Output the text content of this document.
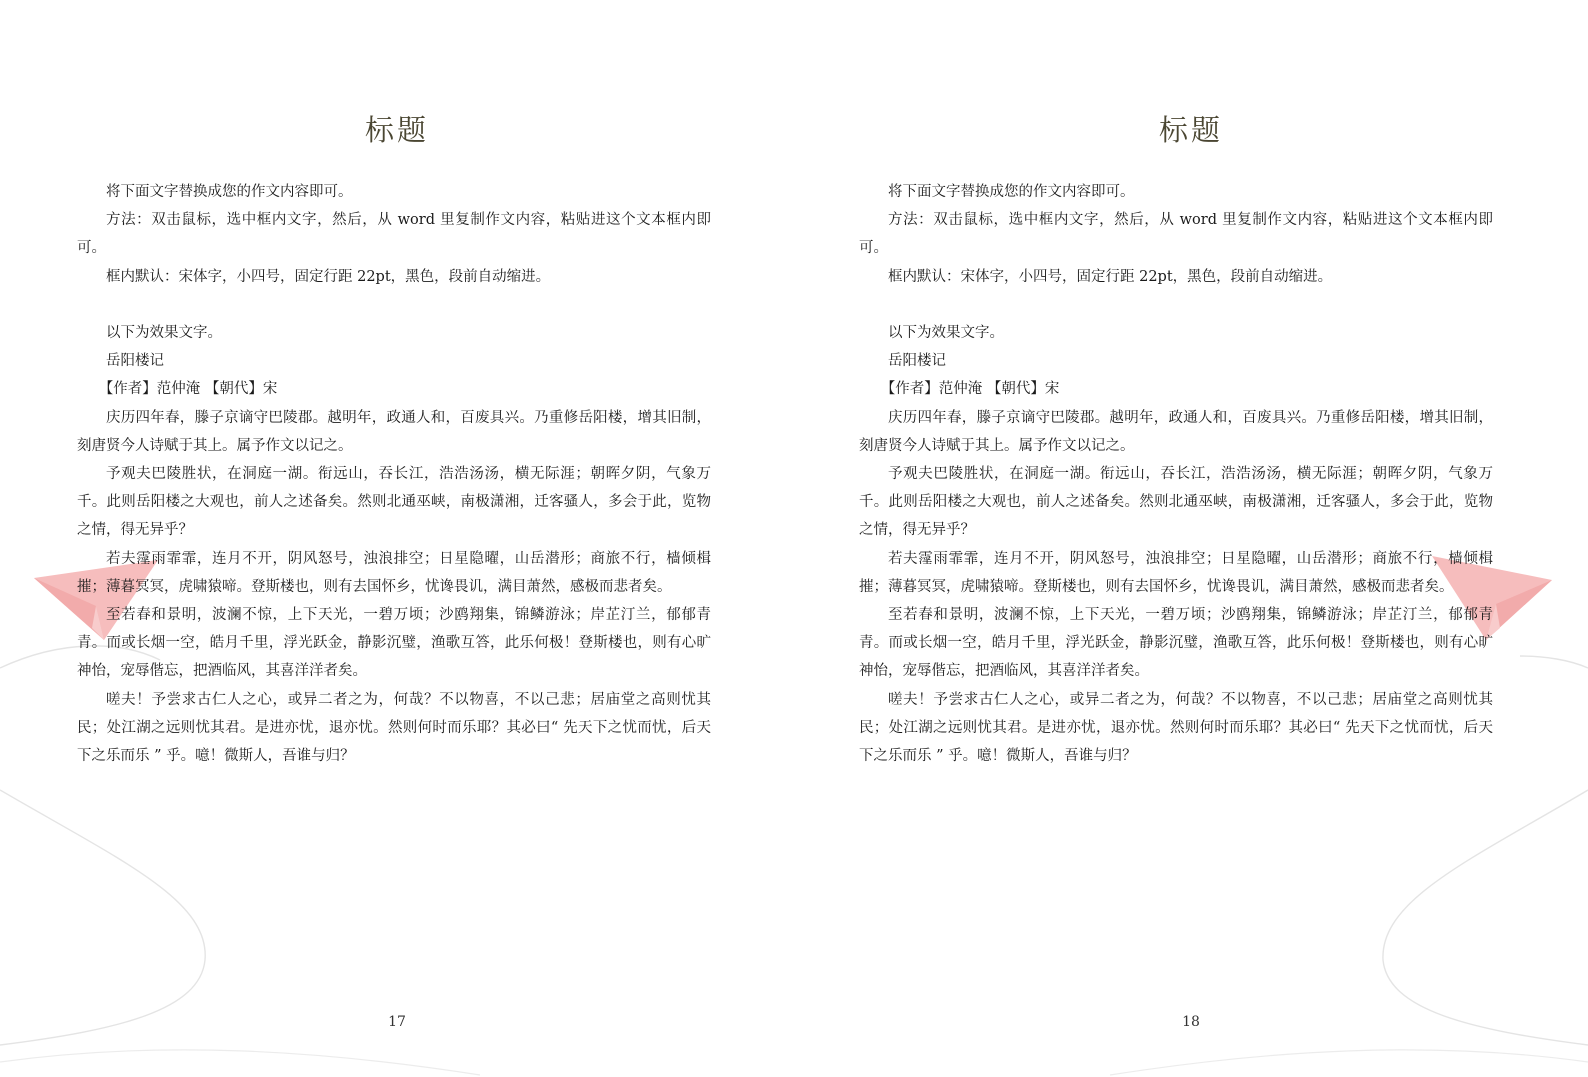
标题

将下面文字替换成您的作文内容即可。

方法：双击鼠标，选中框内文字，然后，从 word 里复制作文内容，粘贴进这个文本框内即可。

框内默认：宋体字，小四号，固定行距 22pt，黑色，段前自动缩进。

以下为效果文字。

岳阳楼记

【作者】范仲淹 【朝代】宋

庆历四年春，滕子京谪守巴陵郡。越明年，政通人和，百废具兴。乃重修岳阳楼，增其旧制，刻唐贤今人诗赋于其上。属予作文以记之。

予观夫巴陵胜状，在洞庭一湖。衔远山，吞长江，浩浩汤汤，横无际涯；朝晖夕阴，气象万千。此则岳阳楼之大观也，前人之述备矣。然则北通巫峡，南极潇湘，迁客骚人，多会于此，览物之情，得无异乎？

若夫霪雨霏霏，连月不开，阴风怒号，浊浪排空；日星隐曜，山岳潜形；商旅不行，樯倾楫摧；薄暮冥冥，虎啸猿啼。登斯楼也，则有去国怀乡，忧谗畏讥，满目萧然，感极而悲者矣。

至若春和景明，波澜不惊，上下天光，一碧万顷；沙鸥翔集，锦鳞游泳；岸芷汀兰，郁郁青青。而或长烟一空，皓月千里，浮光跃金，静影沉璧，渔歌互答，此乐何极！登斯楼也，则有心旷神怡，宠辱偕忘，把酒临风，其喜洋洋者矣。

嗟夫！予尝求古仁人之心，或异二者之为，何哉？不以物喜，不以己悲；居庙堂之高则忧其民；处江湖之远则忧其君。是进亦忧，退亦忧。然则何时而乐耶？其必曰“ 先天下之忧而忧，后天下之乐而乐 ” 乎。噫！微斯人，吾谁与归？

17
标题

将下面文字替换成您的作文内容即可。

方法：双击鼠标，选中框内文字，然后，从 word 里复制作文内容，粘贴进这个文本框内即可。

框内默认：宋体字，小四号，固定行距 22pt，黑色，段前自动缩进。

以下为效果文字。

岳阳楼记

【作者】范仲淹 【朝代】宋

庆历四年春，滕子京谪守巴陵郡。越明年，政通人和，百废具兴。乃重修岳阳楼，增其旧制，刻唐贤今人诗赋于其上。属予作文以记之。

予观夫巴陵胜状，在洞庭一湖。衔远山，吞长江，浩浩汤汤，横无际涯；朝晖夕阴，气象万千。此则岳阳楼之大观也，前人之述备矣。然则北通巫峡，南极潇湘，迁客骚人，多会于此，览物之情，得无异乎？

若夫霪雨霏霏，连月不开，阴风怒号，浊浪排空；日星隐曜，山岳潜形；商旅不行，樯倾楫摧；薄暮冥冥，虎啸猿啼。登斯楼也，则有去国怀乡，忧谗畏讥，满目萧然，感极而悲者矣。

至若春和景明，波澜不惊，上下天光，一碧万顷；沙鸥翔集，锦鳞游泳；岸芷汀兰，郁郁青青。而或长烟一空，皓月千里，浮光跃金，静影沉璧，渔歌互答，此乐何极！登斯楼也，则有心旷神怡，宠辱偕忘，把酒临风，其喜洋洋者矣。

嗟夫！予尝求古仁人之心，或异二者之为，何哉？不以物喜，不以己悲；居庙堂之高则忧其民；处江湖之远则忧其君。是进亦忧，退亦忧。然则何时而乐耶？其必曰“ 先天下之忧而忧，后天下之乐而乐 ” 乎。噫！微斯人，吾谁与归？

18
